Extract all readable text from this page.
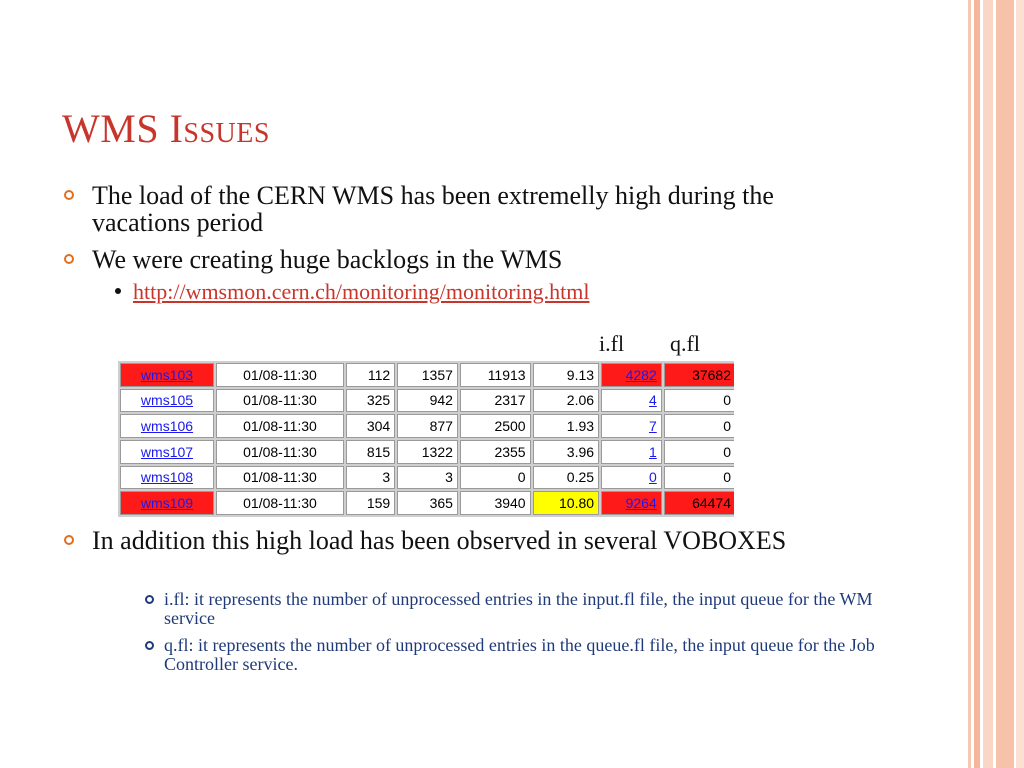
WMS Issues
The load of the CERN WMS has been extremelly high during the vacations period
We were creating huge backlogs in the WMS
http://wmsmon.cern.ch/monitoring/monitoring.html
i.fl q.fl
wms103	01/08-11:30	112	1357	11913	9.13	4282	37682
wms105	01/08-11:30	325	942	2317	2.06	4	0
wms106	01/08-11:30	304	877	2500	1.93	7	0
wms107	01/08-11:30	815	1322	2355	3.96	1	0
wms108	01/08-11:30	3	3	0	0.25	0	0
wms109	01/08-11:30	159	365	3940	10.80	9264	64474
In addition this high load has been observed in several VOBOXES
i.fl: it represents the number of unprocessed entries in the input.fl file, the input queue for the WM service
q.fl: it represents the number of unprocessed entries in the queue.fl file, the input queue for the Job Controller service.
